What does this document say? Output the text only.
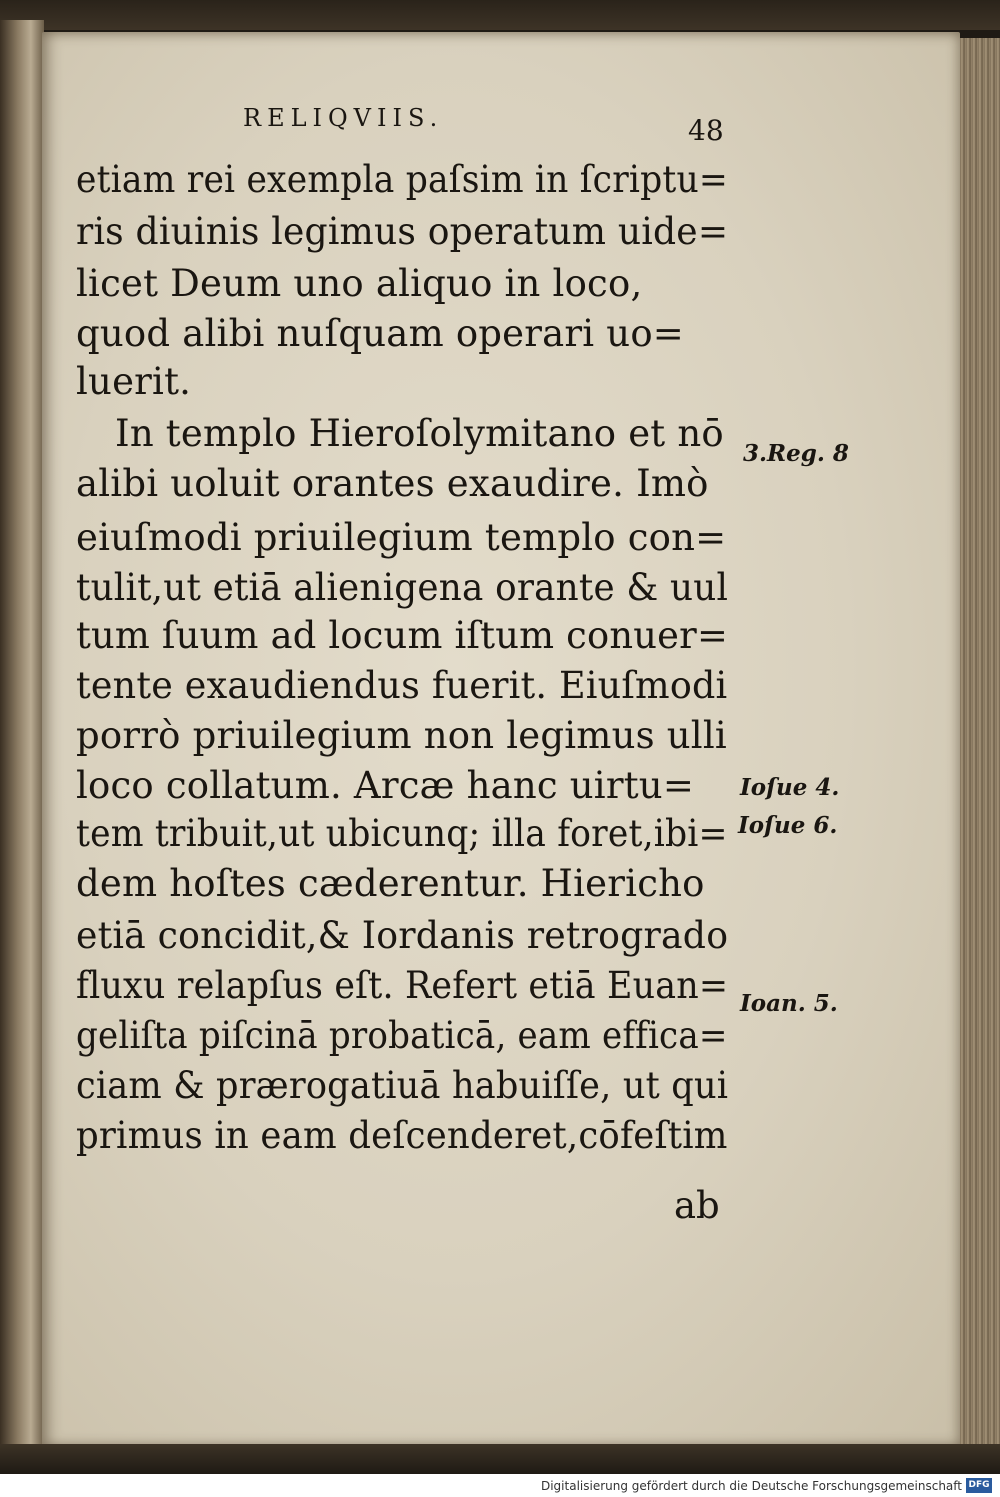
RELIQVIIS.	48
etiam rei exempla paſsim in ſcriptu=
ris diuinis legimus operatum uide=
licet Deum uno aliquo in loco,
quod alibi nuſquam operari uo=
luerit.
In templo Hieroſolymitano et nō
alibi uoluit orantes exaudire. Imò
eiuſmodi priuilegium templo con=
tulit,ut etiā alienigena orante & uul
tum ſuum ad locum iſtum conuer=
tente exaudiendus fuerit. Eiuſmodi
porrò priuilegium non legimus ulli
loco collatum. Arcæ hanc uirtu=
tem tribuit,ut ubicunq; illa foret,ibi=
dem hoſtes cæderentur. Hiericho
etiā concidit,& Iordanis retrogrado
fluxu relapſus eſt. Refert etiā Euan=
geliſta piſcinā probaticā, eam effica=
ciam & prærogatiuā habuiſſe, ut qui
primus in eam deſcenderet,cōfeſtim
3.Reg. 8
Ioſue 4.
Ioſue 6.
Ioan. 5.
ab
Digitalisierung gefördert durch die Deutsche Forschungsgemeinschaft DFG
